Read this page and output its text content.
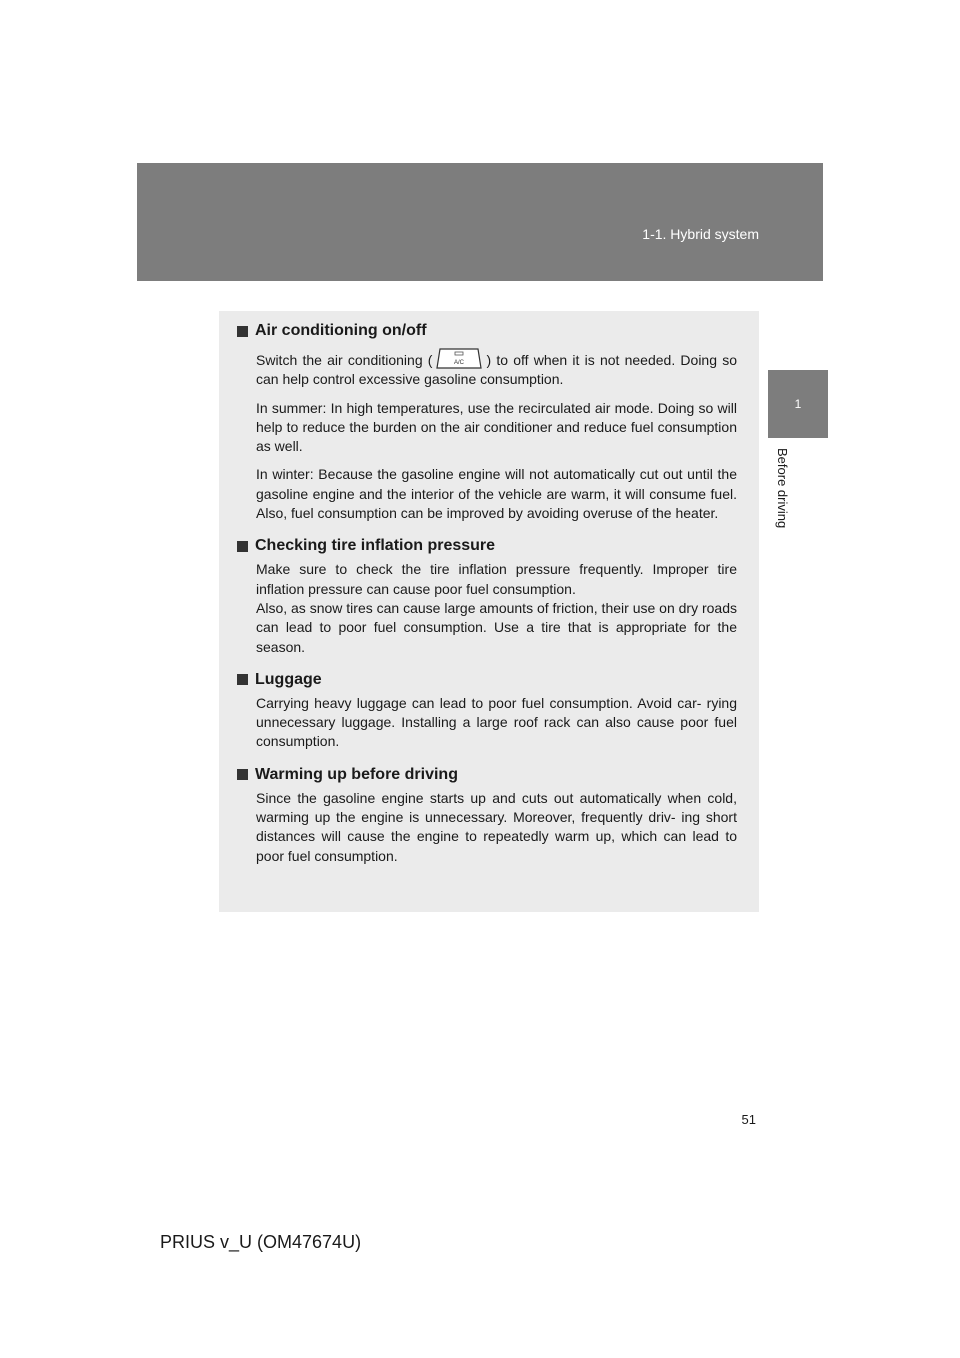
1-1. Hybrid system
1
Before driving
Air conditioning on/off

Switch the air conditioning (	A/C ) to off when it is not needed. Doing so can help control excessive gasoline consumption.

In summer: In high temperatures, use the recirculated air mode. Doing so will help to reduce the burden on the air conditioner and reduce fuel consumption as well.

In winter: Because the gasoline engine will not automatically cut out until the gasoline engine and the interior of the vehicle are warm, it will consume fuel. Also, fuel consumption can be improved by avoiding overuse of the heater.

Checking tire inflation pressure

Make sure to check the tire inflation pressure frequently. Improper tire inflation pressure can cause poor fuel consumption.

Also, as snow tires can cause large amounts of friction, their use on dry roads can lead to poor fuel consumption. Use a tire that is appropriate for the season.

Luggage

Carrying heavy luggage can lead to poor fuel consumption. Avoid car- rying unnecessary luggage. Installing a large roof rack can also cause poor fuel consumption.

Warming up before driving

Since the gasoline engine starts up and cuts out automatically when cold, warming up the engine is unnecessary. Moreover, frequently driv- ing short distances will cause the engine to repeatedly warm up, which can lead to poor fuel consumption.

51
PRIUS v_U (OM47674U)
